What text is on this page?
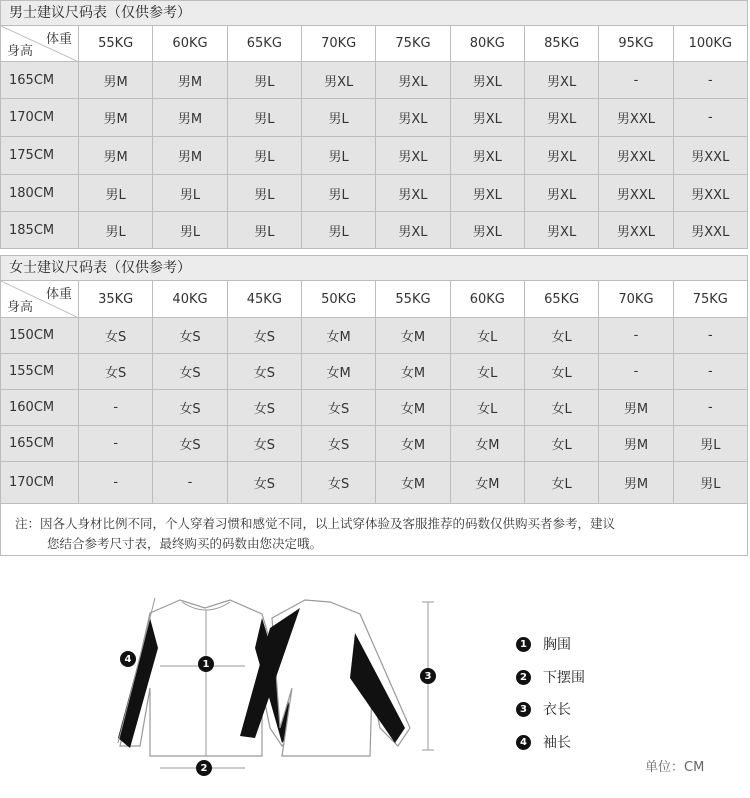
男士建议尺码表（仅供参考）
体重
身高	55KG	60KG	65KG	70KG	75KG	80KG	85KG	95KG	100KG
165CM	男M	男M	男L	男XL	男XL	男XL	男XL	-	-
170CM	男M	男M	男L	男L	男XL	男XL	男XL	男XXL	-
175CM	男M	男M	男L	男L	男XL	男XL	男XL	男XXL	男XXL
180CM	男L	男L	男L	男L	男XL	男XL	男XL	男XXL	男XXL
185CM	男L	男L	男L	男L	男XL	男XL	男XL	男XXL	男XXL
女士建议尺码表（仅供参考）
体重
身高	35KG	40KG	45KG	50KG	55KG	60KG	65KG	70KG	75KG
150CM	女S	女S	女S	女M	女M	女L	女L	-	-
155CM	女S	女S	女S	女M	女M	女L	女L	-	-
160CM	-	女S	女S	女S	女M	女L	女L	男M	-
165CM	-	女S	女S	女S	女M	女M	女L	男M	男L
170CM	-	-	女S	女S	女M	女M	女L	男M	男L
注：因各人身材比例不同，个人穿着习惯和感觉不同，以上试穿体验及客服推荐的码数仅供购买者参考，建议
您结合参考尺寸表，最终购买的码数由您决定哦。
1
2
3
4
1 胸围
2 下摆围
3 衣长
4 袖长
单位：CM
